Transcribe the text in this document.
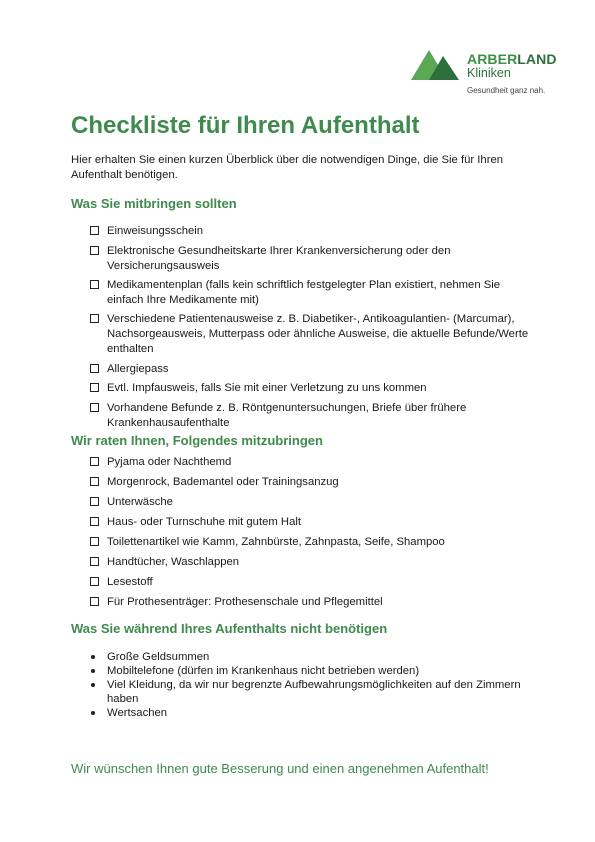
ARBERLAND
Kliniken
Gesundheit ganz nah.
Checkliste für Ihren Aufenthalt
Hier erhalten Sie einen kurzen Überblick über die notwendigen Dinge, die Sie für Ihren Aufenthalt benötigen.
Was Sie mitbringen sollten
Einweisungsschein
Elektronische Gesundheitskarte Ihrer Krankenversicherung oder den Versicherungsausweis
Medikamentenplan (falls kein schriftlich festgelegter Plan existiert, nehmen Sie einfach Ihre Medikamente mit)
Verschiedene Patientenausweise z. B. Diabetiker-, Antikoagulantien- (Marcumar), Nachsorgeausweis, Mutterpass oder ähnliche Ausweise, die aktuelle Befunde/Werte enthalten
Allergiepass
Evtl. Impfausweis, falls Sie mit einer Verletzung zu uns kommen
Vorhandene Befunde z. B. Röntgenuntersuchungen, Briefe über frühere Krankenhausaufenthalte
Wir raten Ihnen, Folgendes mitzubringen
Pyjama oder Nachthemd
Morgenrock, Bademantel oder Trainingsanzug
Unterwäsche
Haus- oder Turnschuhe mit gutem Halt
Toilettenartikel wie Kamm, Zahnbürste, Zahnpasta, Seife, Shampoo
Handtücher, Waschlappen
Lesestoff
Für Prothesenträger: Prothesenschale und Pflegemittel
Was Sie während Ihres Aufenthalts nicht benötigen
Große Geldsummen
Mobiltelefone (dürfen im Krankenhaus nicht betrieben werden)
Viel Kleidung, da wir nur begrenzte Aufbewahrungsmöglichkeiten auf den Zimmern haben
Wertsachen
Wir wünschen Ihnen gute Besserung und einen angenehmen Aufenthalt!
